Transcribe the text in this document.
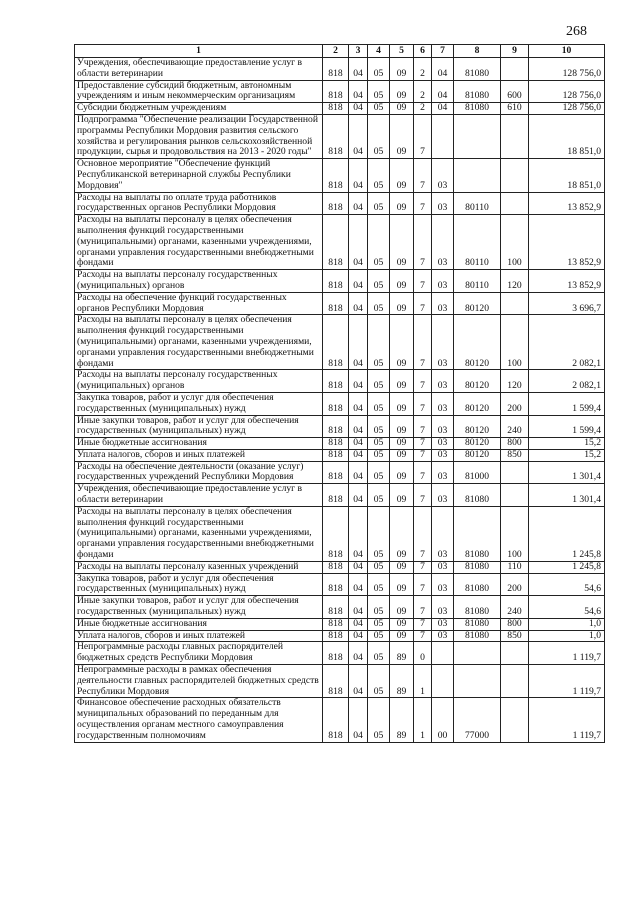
268
1	2	3	4	5	6	7	8	9	10
Учреждения, обеспечивающие предоставление услуг в области ветеринарии	818	04	05	09	2	04	81080		128 756,0
Предоставление субсидий бюджетным, автономным учреждениям и иным некоммерческим организациям	818	04	05	09	2	04	81080	600	128 756,0
Субсидии бюджетным учреждениям	818	04	05	09	2	04	81080	610	128 756,0
Подпрограмма "Обеспечение реализации Государственной программы Республики Мордовия развития сельского хозяйства и регулирования рынков сельскохозяйственной продукции, сырья и продовольствия на 2013 - 2020 годы"	818	04	05	09	7				18 851,0
Основное мероприятие "Обеспечение функций Республиканской ветеринарной службы Республики Мордовия"	818	04	05	09	7	03			18 851,0
Расходы на выплаты по оплате труда работников государственных органов Республики Мордовия	818	04	05	09	7	03	80110		13 852,9
Расходы на выплаты персоналу в целях обеспечения выполнения функций государственными (муниципальными) органами, казенными учреждениями, органами управления государственными внебюджетными фондами	818	04	05	09	7	03	80110	100	13 852,9
Расходы на выплаты персоналу государственных (муниципальных) органов	818	04	05	09	7	03	80110	120	13 852,9
Расходы на обеспечение функций государственных органов Республики Мордовия	818	04	05	09	7	03	80120		3 696,7
Расходы на выплаты персоналу в целях обеспечения выполнения функций государственными (муниципальными) органами, казенными учреждениями, органами управления государственными внебюджетными фондами	818	04	05	09	7	03	80120	100	2 082,1
Расходы на выплаты персоналу государственных (муниципальных) органов	818	04	05	09	7	03	80120	120	2 082,1
Закупка товаров, работ и услуг для обеспечения государственных (муниципальных) нужд	818	04	05	09	7	03	80120	200	1 599,4
Иные закупки товаров, работ и услуг для обеспечения государственных (муниципальных) нужд	818	04	05	09	7	03	80120	240	1 599,4
Иные бюджетные ассигнования	818	04	05	09	7	03	80120	800	15,2
Уплата налогов, сборов и иных платежей	818	04	05	09	7	03	80120	850	15,2
Расходы на обеспечение деятельности (оказание услуг) государственных учреждений Республики Мордовия	818	04	05	09	7	03	81000		1 301,4
Учреждения, обеспечивающие предоставление услуг в области ветеринарии	818	04	05	09	7	03	81080		1 301,4
Расходы на выплаты персоналу в целях обеспечения выполнения функций государственными (муниципальными) органами, казенными учреждениями, органами управления государственными внебюджетными фондами	818	04	05	09	7	03	81080	100	1 245,8
Расходы на выплаты персоналу казенных учреждений	818	04	05	09	7	03	81080	110	1 245,8
Закупка товаров, работ и услуг для обеспечения государственных (муниципальных) нужд	818	04	05	09	7	03	81080	200	54,6
Иные закупки товаров, работ и услуг для обеспечения государственных (муниципальных) нужд	818	04	05	09	7	03	81080	240	54,6
Иные бюджетные ассигнования	818	04	05	09	7	03	81080	800	1,0
Уплата налогов, сборов и иных платежей	818	04	05	09	7	03	81080	850	1,0
Непрограммные расходы главных распорядителей бюджетных средств Республики Мордовия	818	04	05	89	0				1 119,7
Непрограммные расходы в рамках обеспечения деятельности главных распорядителей бюджетных средств Республики Мордовия	818	04	05	89	1				1 119,7
Финансовое обеспечение расходных обязательств муниципальных образований по переданным для осуществления органам местного самоуправления государственным полномочиям	818	04	05	89	1	00	77000		1 119,7
